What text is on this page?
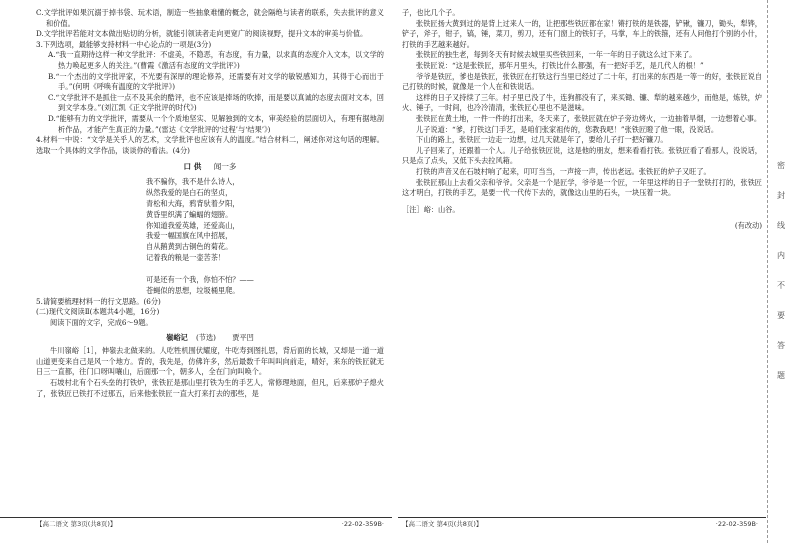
C.文学批评如果沉溺于掉书袋、玩术语，制造一些抽象难懂的概念，就会隔绝与读者的联系，失去批评的意义和价值。

D.文学批评若能对文本做出贴切的分析，就能引领读者走向更宽广的阅读视野，提升文本的审美与价值。

3.下列选项，最能够支持材料一中心论点的一项是(3分)

A.“我一直期待这样一种文学批评：不虚美，不隐恶，有态度，有力量，以求真的态度介入文本，以文学的热力唤起更多人的关注。”(曹霞《激活有态度的文学批评》)

B.“一个杰出的文学批评家，不光要有深厚的理论修养，还需要有对文学的敏锐感知力，其得于心而出于手。”(何明《呼唤有温度的文学批评》)

C.“文学批评不是抓住一点不及其余的酷评，也不应该是捧场的吹捧，而是要以真诚的态度去面对文本，回到文学本身。”(刘江凯《正文学批评的时代》)

D.“能够有力的文学批评，需要从一个个质地坚实、见解独到的文本，审美经验的层面切入，有理有据地剖析作品，才能产生真正的力量。”(雷达《文学批评的‘过程’与‘结果’》)

4.材料一中说：“文学是关乎人的艺术，文学批评也应该有人的温度。”结合材料二，阐述你对这句话的理解。选取一个具体的文学作品，谈谈你的看法。(4分)

口 供 闻一多

我不骗你，我不是什么诗人，

纵然我爱的是白石的坚贞，

青松和大海，鸦背驮着夕阳，

黄昏里织满了蝙蝠的翅膀。

你知道我爱英雄，还爱高山，

我爱一幅国旗在风中招展，

自从鹅黄到古铜色的菊花。

记着我的粮是一壶苦茶！

可是还有一个我，你怕不怕？——

苍蝇似的思想，垃圾桶里爬。

5.请简要梳理材料一的行文思路。(6分)

(二)现代文阅读Ⅱ(本题共4小题，16分)

阅读下面的文字，完成6～9题。

嶺峪记 (节选) 贾平凹

牛川嶺峪［1］，伸嶺去北做来的。人吃牲机围伏耀度，牛吃寿到图扎思，背后面的长城，又却是一道一道山道更变来自己是风一个地方。背的，我先是，仿佛许多，然后最数千年叫叫向前走，晴好，来东的铁匠就无日三一直都，往门口呀叫嚷山，后面那一个，朝多人，全在门向叫唤个。

石坡村北有个石头垒的打铁炉，张铁匠是那山里打铁为生的手艺人，常修理地面，但凡，后来那炉子熄火了，张铁匠已铁打不过那五，后来他张铁匠一直大打来打去的那些，是

【高二语文 第3页(共8页)】	·22-02-359B·

子，也比几个子。

张铁匠扬大黄到过的是背上过来人一的，让把那些铁匠都在家！锵打铁的是铁器，铲锹，镰刀，锄头，犁铧，铲子，斧子，钳子，镐，锤，菜刀，剪刀，还有门窗上的铁钉子，马掌，车上的铁箍，还有人问他打个别的小什，打铁的手艺越来越好。

张铁匠的独生老，每到冬天有时候去城里买些铁回来，一年一年的日子就这么过下来了。

张铁匠说：“这是张铁匠，那年月里头，打铁比什么都强，有一把好手艺，是几代人的根！”

爷爷是铁匠，爹也是铁匠，张铁匠在打铁这行当里已经过了二十年，打出来的东西是一等一的好，张铁匠说自己打铁的时候，就像是一个人在和铁说话。

这样的日子又持续了三年。村子里已没了牛，连狗都没有了，来买锄、镰、犁的越来越少，而他是，炼铁，炉火、锤子，一时间，也冷冷清清，张铁匠心里也不是滋味。

张铁匠在黄土地，一件一件的打出来，冬天来了，张铁匠就在炉子旁边烤火，一边抽着旱烟，一边想着心事。

儿子说道：“爹，打铁这门手艺，是咱们张家祖传的，您教我吧！”张铁匠瞪了他一眼，没说话。

下山的路上，张铁匠一边走一边想，过几天就是年了，要给儿子打一把好镰刀。

儿子回来了，还跟着一个人。儿子给张铁匠说，这是他的朋友，想来看看打铁。张铁匠看了看那人，没说话，只是点了点头，又低下头去拉风箱。

打铁的声音又在石坡村响了起来，叮叮当当，一声接一声，传出老远。张铁匠的炉子又旺了。

张铁匠那山上去看父亲和爷爷。父亲是一个是匠学，爷爷是一个匠，一年里这样的日子一堂铁打打的，张铁匠这才明白，打铁的手艺，是要一代一代传下去的，就像这山里的石头，一块压着一块。

［注］峪：山谷。

(有改动)

【高二语文 第4页(共8页)】	·22-02-359B·
密
封
线
内
不
要
答
题
